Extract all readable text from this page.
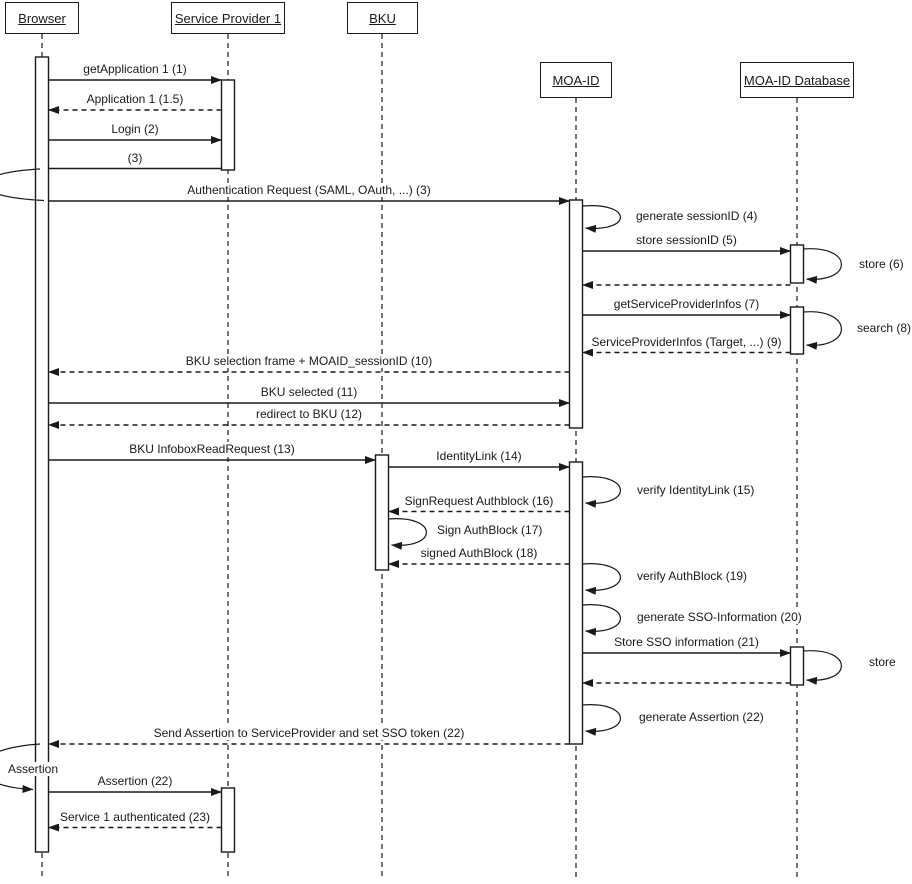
Browser	Service Provider 1	BKU
MOA-ID	MOA-ID Database
getApplication 1 (1)
Application 1 (1.5)
Login (2)
(3)
Authentication Request (SAML, OAuth, ...) (3)
store sessionID (5)
getServiceProviderInfos (7)
ServiceProviderInfos (Target, ...) (9)
BKU selection frame + MOAID_sessionID (10)
BKU selected (11)
redirect to BKU (12)
BKU InfoboxReadRequest (13)	IdentityLink (14)
SignRequest Authblock (16)
signed AuthBlock (18)
Store SSO information (21)
Send Assertion to ServiceProvider and set SSO token (22)
Assertion (22)
Service 1 authenticated (23)
generate sessionID (4)
store (6)
search (8)
verify IdentityLink (15)
Sign AuthBlock (17)
verify AuthBlock (19)
generate SSO-Information (20)
store
generate Assertion (22)
Assertion
